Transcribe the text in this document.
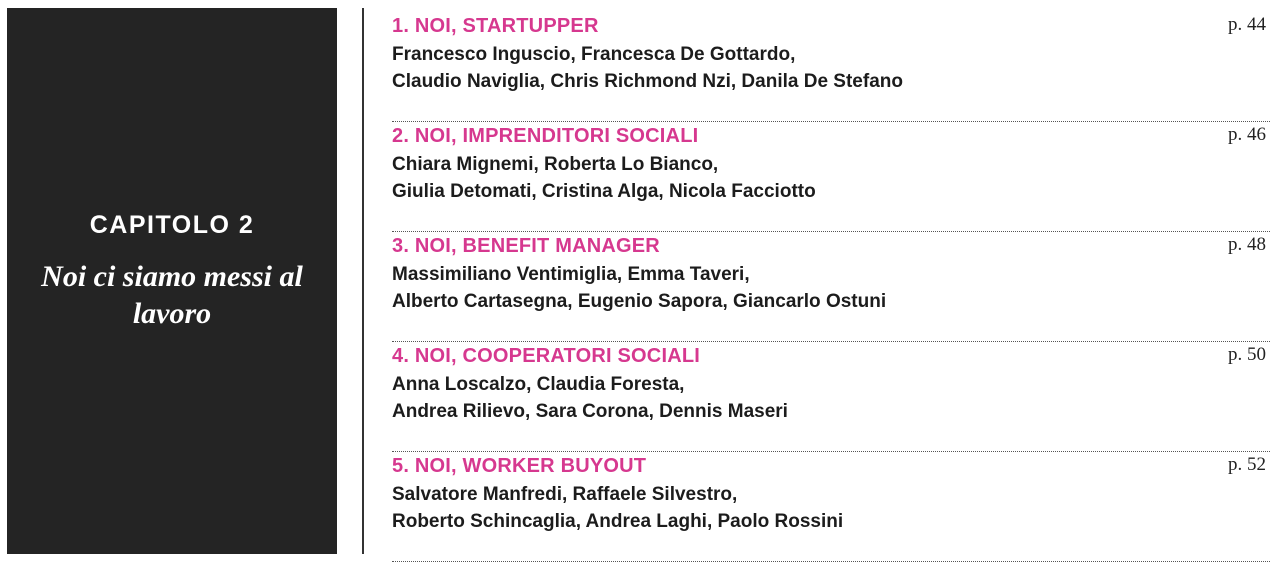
CAPITOLO 2
Noi ci siamo messi al lavoro
1. NOI, STARTUPPER	p. 44
Francesco Inguscio, Francesca De Gottardo,
Claudio Naviglia, Chris Richmond Nzi, Danila De Stefano
2. NOI, IMPRENDITORI SOCIALI	p. 46
Chiara Mignemi, Roberta Lo Bianco,
Giulia Detomati, Cristina Alga, Nicola Facciotto
3. NOI, BENEFIT MANAGER	p. 48
Massimiliano Ventimiglia, Emma Taveri,
Alberto Cartasegna, Eugenio Sapora, Giancarlo Ostuni
4. NOI, COOPERATORI SOCIALI	p. 50
Anna Loscalzo, Claudia Foresta,
Andrea Rilievo, Sara Corona, Dennis Maseri
5. NOI, WORKER BUYOUT	p. 52
Salvatore Manfredi, Raffaele Silvestro,
Roberto Schincaglia, Andrea Laghi, Paolo Rossini
